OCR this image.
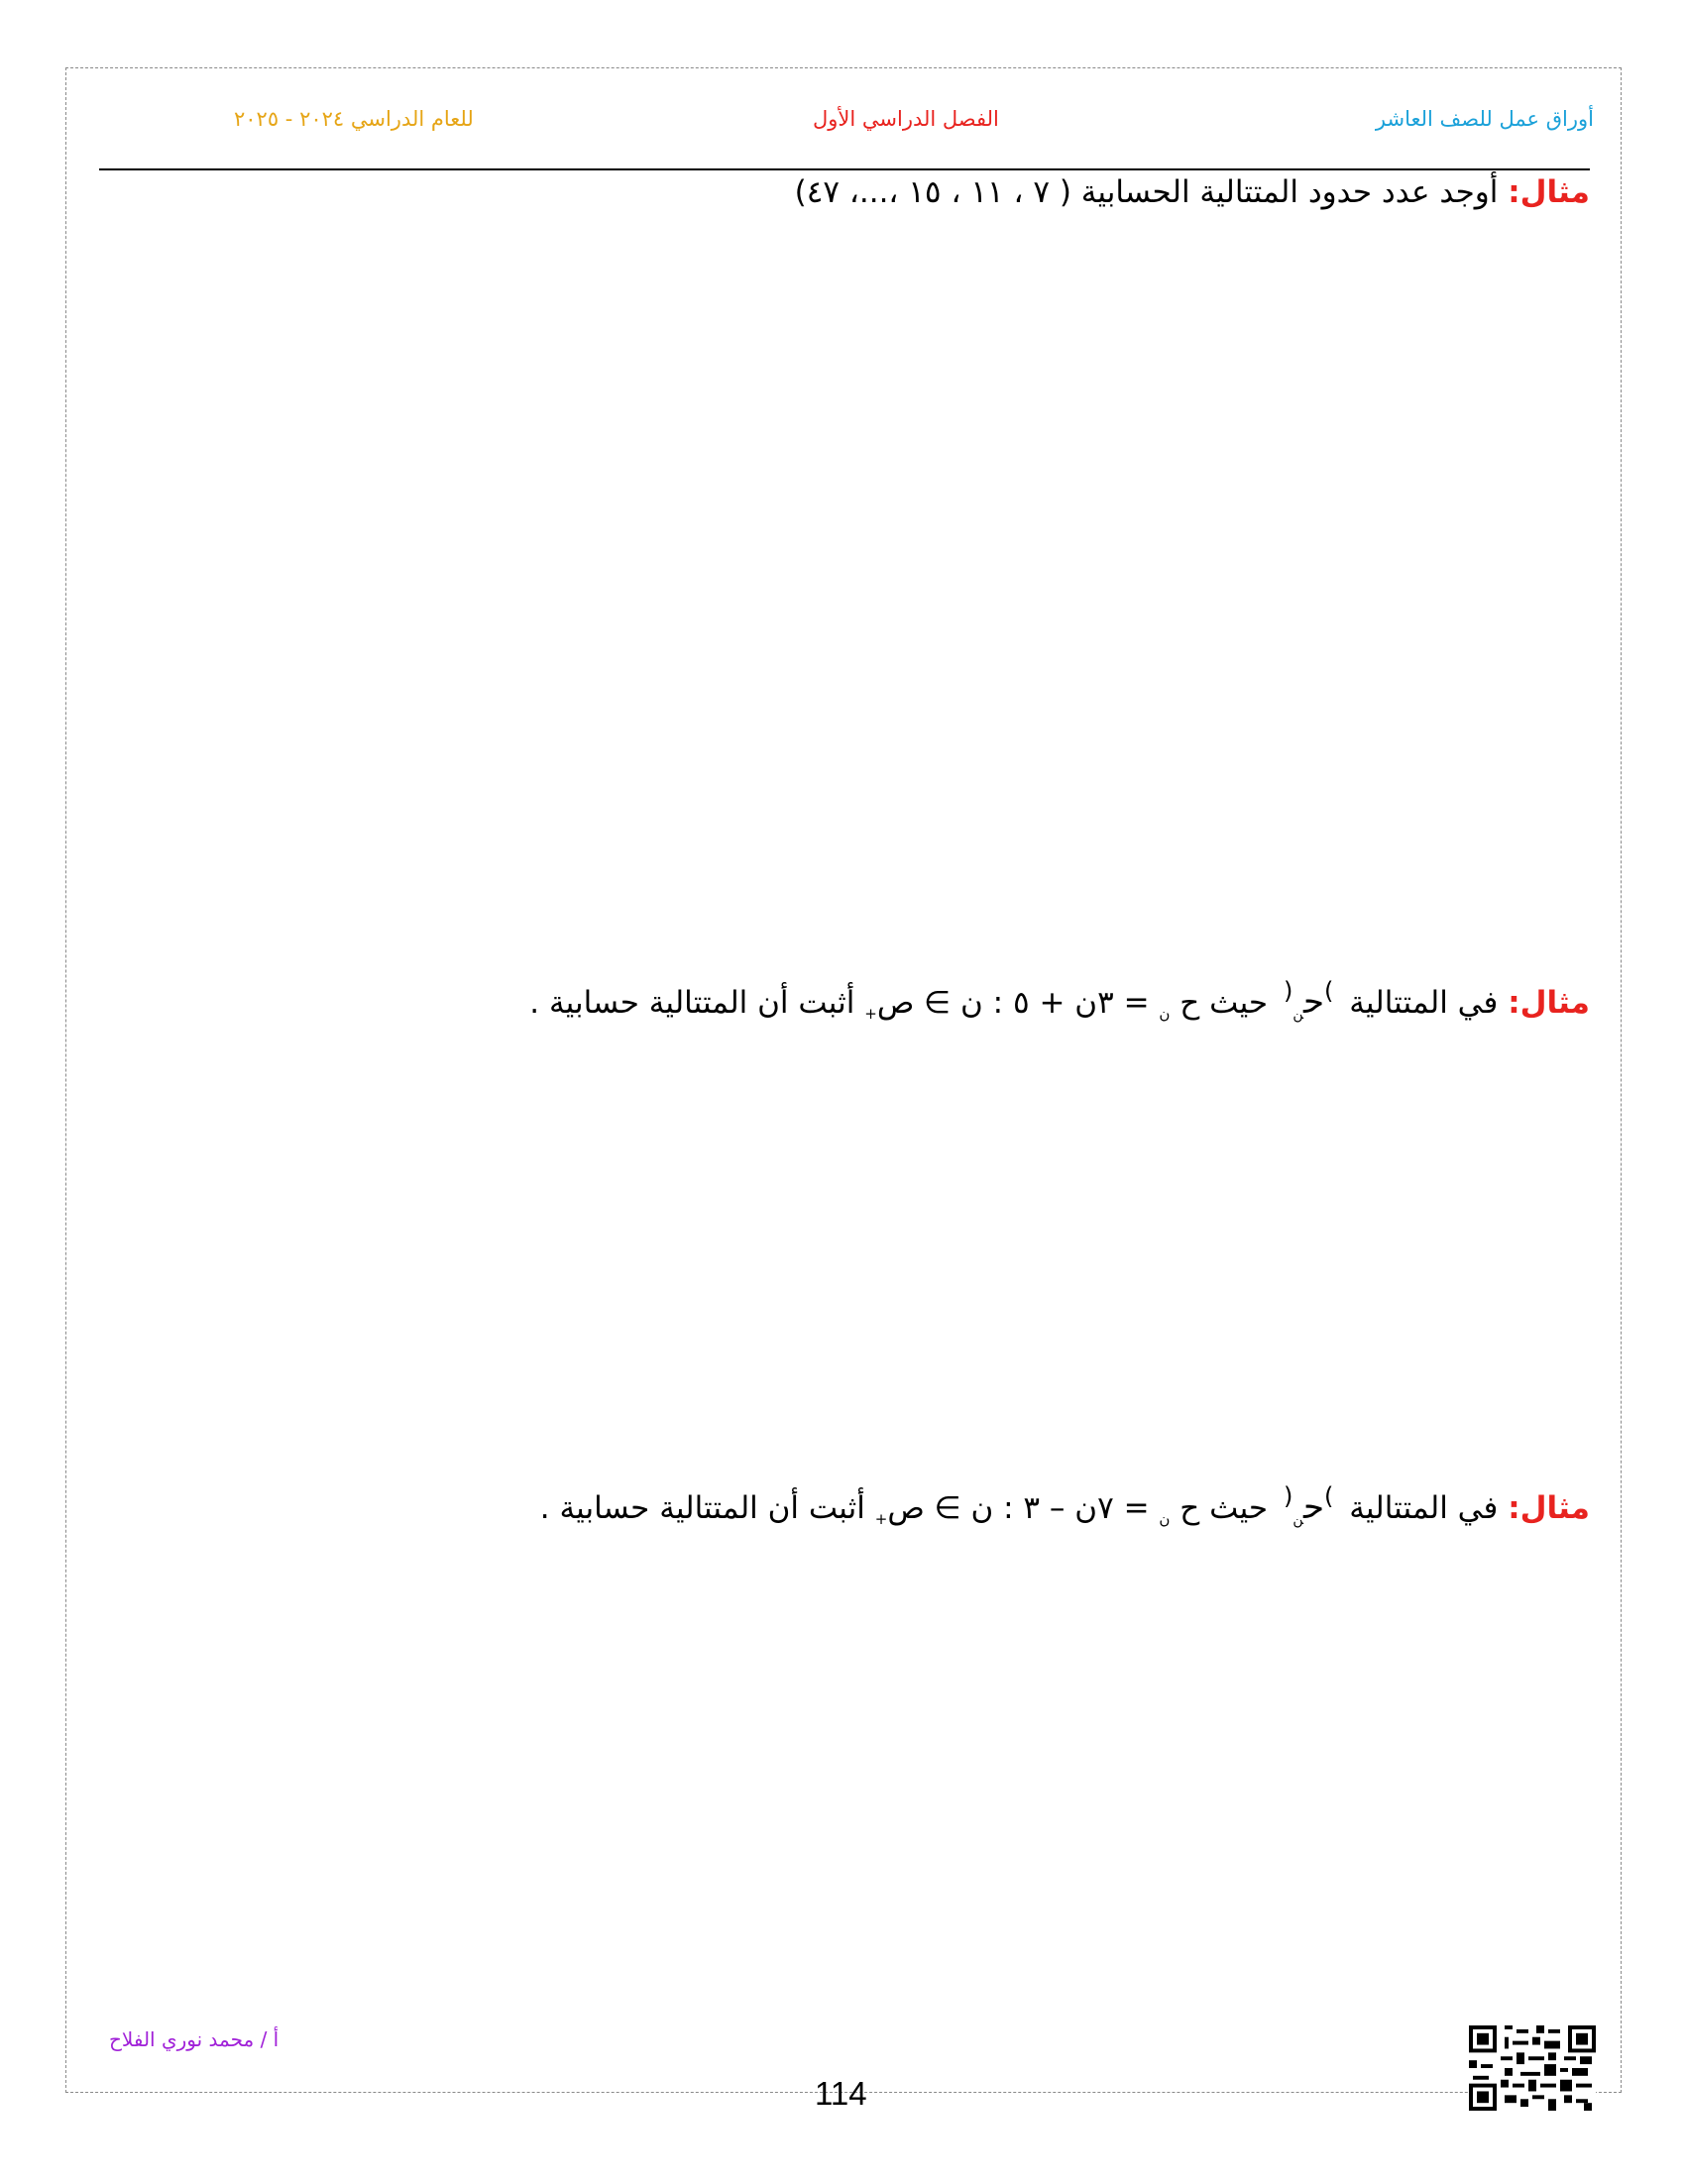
أوراق عمل للصف العاشر
الفصل الدراسي الأول
للعام الدراسي ٢٠٢٤ - ٢٠٢٥
مثال: أوجد عدد حدود المتتالية الحسابية ( ٧ ، ١١ ، ١٥ ،...، ٤٧)
مثال: في المتتالية )حن( حيث ح $_ن$ = ٣ن + ٥ : ن ∋ ص$_+$ أثبت أن المتتالية حسابية .
مثال: في المتتالية )حن( حيث ح $_ن$ = ٧ن – ٣ : ن ∋ ص$_+$ أثبت أن المتتالية حسابية .
أ / محمد نوري الفلاح
114
